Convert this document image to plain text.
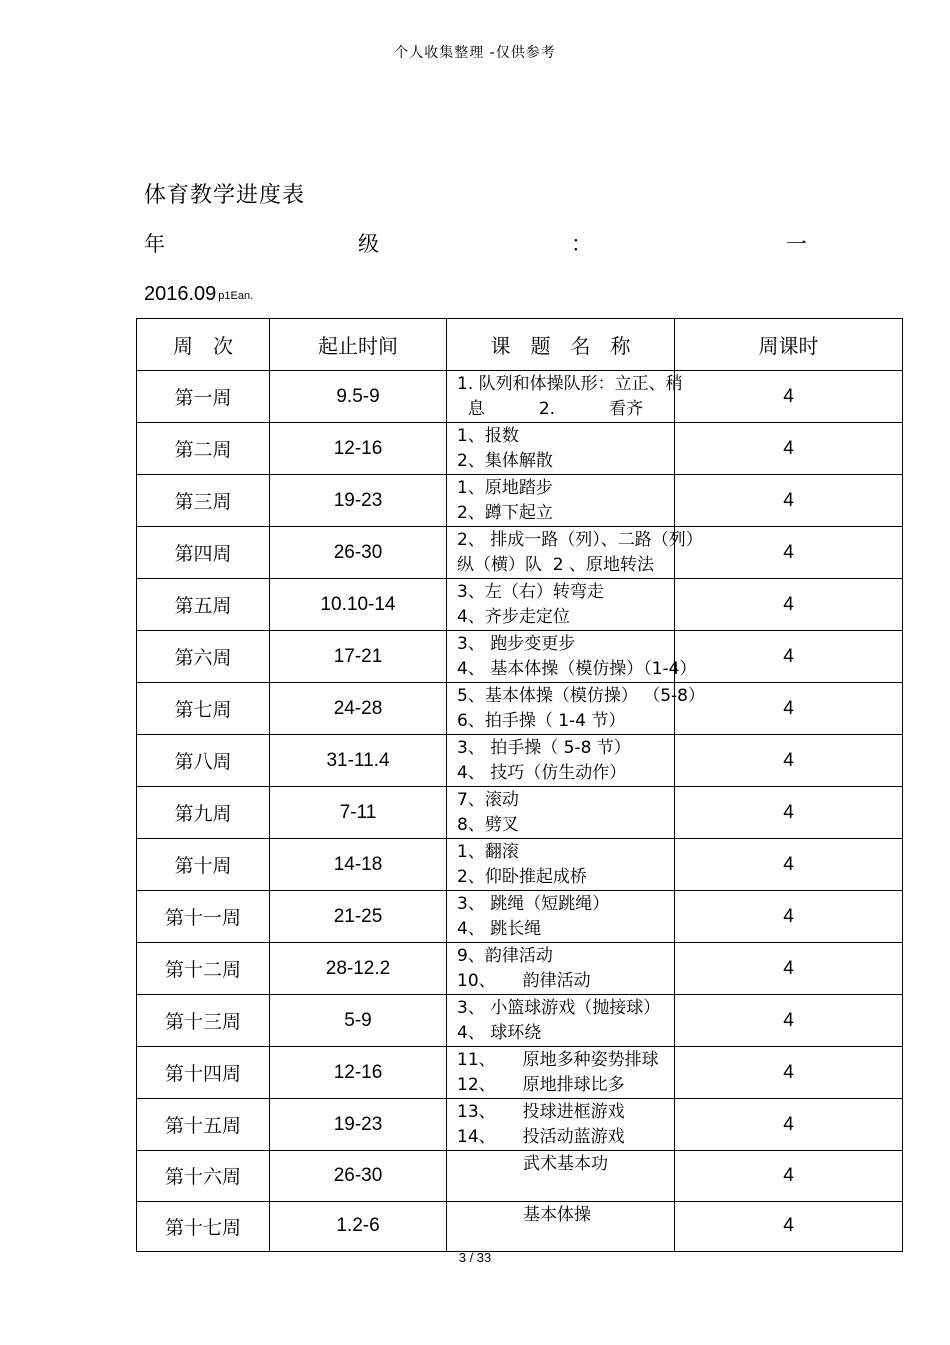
个人收集整理 -仅供参考
体育教学进度表
年	级	：	一
2016.09 p1Ean.
周　次	起止时间	课　题　名　称	周课时
第一周	9.5-9	1. 队列和体操队形：立正、稍
息          2.          看齐	4
第二周	12-16	1、报数
2、集体解散	4
第三周	19-23	1、原地踏步
2、蹲下起立	4
第四周	26-30	2、 排成一路（列）、二路（列）
纵（横）队  2 、原地转法	4
第五周	10.10-14	3、左（右）转弯走
4、齐步走定位	4
第六周	17-21	3、 跑步变更步
4、 基本体操（模仿操）（1-4）	4
第七周	24-28	5、基本体操（模仿操） （5-8）
6、拍手操（ 1-4 节）	4
第八周	31-11.4	3、 拍手操（ 5-8 节）
4、 技巧（仿生动作）	4
第九周	7-11	7、滚动
8、劈叉	4
第十周	14-18	1、翻滚
2、仰卧推起成桥	4
第十一周	21-25	3、 跳绳（短跳绳）
4、 跳长绳	4
第十二周	28-12.2	9、韵律活动
10、     韵律活动	4
第十三周	5-9	3、 小篮球游戏（抛接球）
4、 球环绕	4
第十四周	12-16	11、     原地多种姿势排球
12、     原地排球比多	4
第十五周	19-23	13、     投球进框游戏
14、     投活动蓝游戏	4
第十六周	26-30	武术基本功	4
第十七周	1.2-6	基本体操	4
3 / 33
